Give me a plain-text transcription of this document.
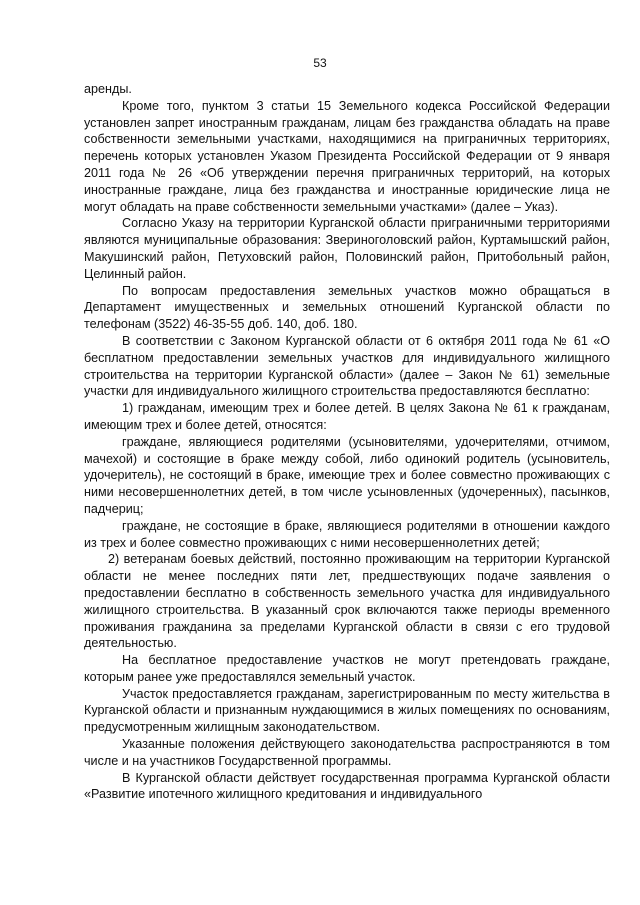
53

аренды.

Кроме того, пунктом 3 статьи 15 Земельного кодекса Российской Федерации установлен запрет иностранным гражданам, лицам без гражданства обладать на праве собственности земельными участками, находящимися на приграничных территориях, перечень которых установлен Указом Президента Российской Федерации от 9 января 2011 года № 26 «Об утверждении перечня приграничных территорий, на которых иностранные граждане, лица без гражданства и иностранные юридические лица не могут обладать на праве собственности земельными участками» (далее – Указ).

Согласно Указу на территории Курганской области приграничными территориями являются муниципальные образования: Звериноголовский район, Куртамышский район, Макушинский район, Петуховский район, Половинский район, Притобольный район, Целинный район.

По вопросам предоставления земельных участков можно обращаться в Департамент имущественных и земельных отношений Курганской области по телефонам (3522) 46-35-55 доб. 140, доб. 180.

В соответствии с Законом Курганской области от 6 октября 2011 года № 61 «О бесплатном предоставлении земельных участков для индивидуального жилищного строительства на территории Курганской области» (далее – Закон № 61) земельные участки для индивидуального жилищного строительства предоставляются бесплатно:

1) гражданам, имеющим трех и более детей. В целях Закона № 61 к гражданам, имеющим трех и более детей, относятся:

граждане, являющиеся родителями (усыновителями, удочерителями, отчимом, мачехой) и состоящие в браке между собой, либо одинокий родитель (усыновитель, удочеритель), не состоящий в браке, имеющие трех и более совместно проживающих с ними несовершеннолетних детей, в том числе усыновленных (удочеренных), пасынков, падчериц;

граждане, не состоящие в браке, являющиеся родителями в отношении каждого из трех и более совместно проживающих с ними несовершеннолетних детей;

2) ветеранам боевых действий, постоянно проживающим на территории Курганской области не менее последних пяти лет, предшествующих подаче заявления о предоставлении бесплатно в собственность земельного участка для индивидуального жилищного строительства. В указанный срок включаются также периоды временного проживания гражданина за пределами Курганской области в связи с его трудовой деятельностью.

На бесплатное предоставление участков не могут претендовать граждане, которым ранее уже предоставлялся земельный участок.

Участок предоставляется гражданам, зарегистрированным по месту жительства в Курганской области и признанным нуждающимися в жилых помещениях по основаниям, предусмотренным жилищным законодательством.

Указанные положения действующего законодательства распространяются в том числе и на участников Государственной программы.

В Курганской области действует государственная программа Курганской области «Развитие ипотечного жилищного кредитования и индивидуального
